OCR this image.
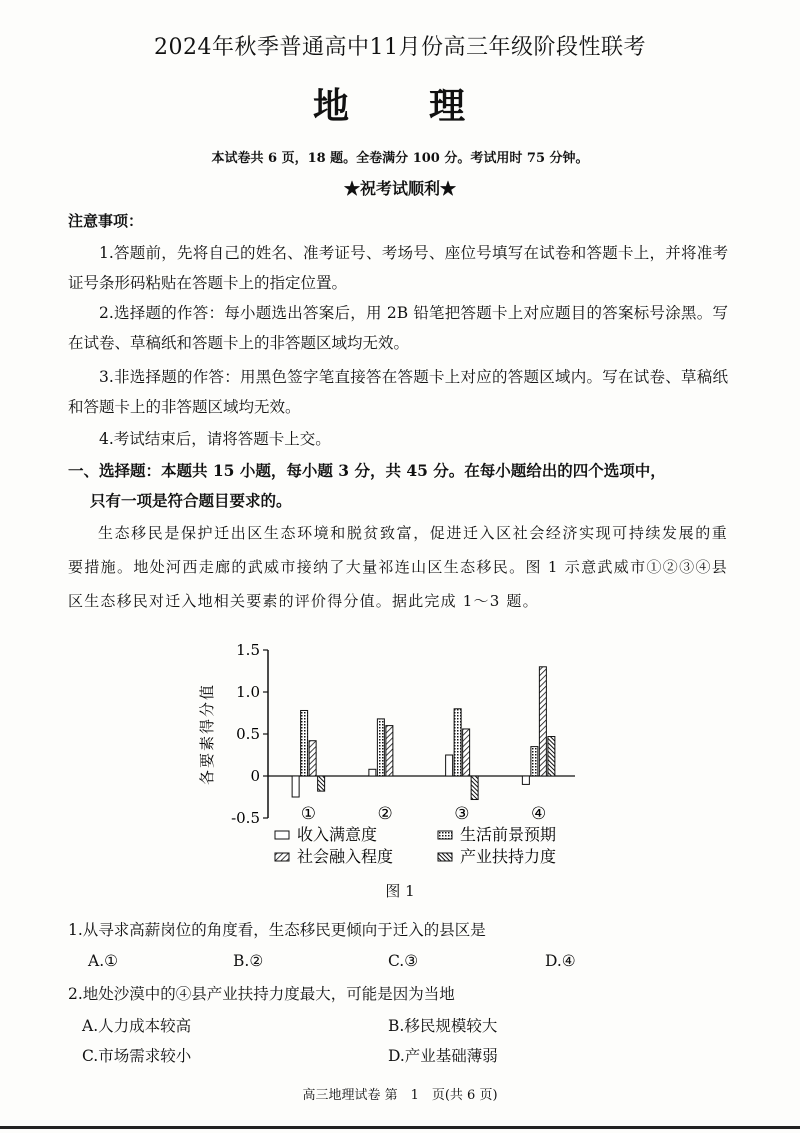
2024年秋季普通高中11月份高三年级阶段性联考
地　理
本试卷共 6 页，18 题。全卷满分 100 分。考试用时 75 分钟。
★祝考试顺利★
注意事项：
1.答题前，先将自己的姓名、准考证号、考场号、座位号填写在试卷和答题卡上，并将准考证号条形码粘贴在答题卡上的指定位置。
2.选择题的作答：每小题选出答案后，用 2B 铅笔把答题卡上对应题目的答案标号涂黑。写在试卷、草稿纸和答题卡上的非答题区域均无效。
3.非选择题的作答：用黑色签字笔直接答在答题卡上对应的答题区域内。写在试卷、草稿纸和答题卡上的非答题区域均无效。
4.考试结束后，请将答题卡上交。
一、选择题：本题共 15 小题，每小题 3 分，共 45 分。在每小题给出的四个选项中，
只有一项是符合题目要求的。
生态移民是保护迁出区生态环境和脱贫致富，促进迁入区社会经济实现可持续发展的重要措施。地处河西走廊的武威市接纳了大量祁连山区生态移民。图 1 示意武威市①②③④县区生态移民对迁入地相关要素的评价得分值。据此完成 1～3 题。
1.5
1.0
0.5
0
-0.5
各要素得分值
①	②	③	④
收入满意度	生活前景预期
社会融入程度	产业扶持力度
图 1
1.从寻求高薪岗位的角度看，生态移民更倾向于迁入的县区是
A.①	B.②	C.③	D.④
2.地处沙漠中的④县产业扶持力度最大，可能是因为当地
A.人力成本较高	B.移民规模较大
C.市场需求较小	D.产业基础薄弱
高三地理试卷 第　1　页(共 6 页)
